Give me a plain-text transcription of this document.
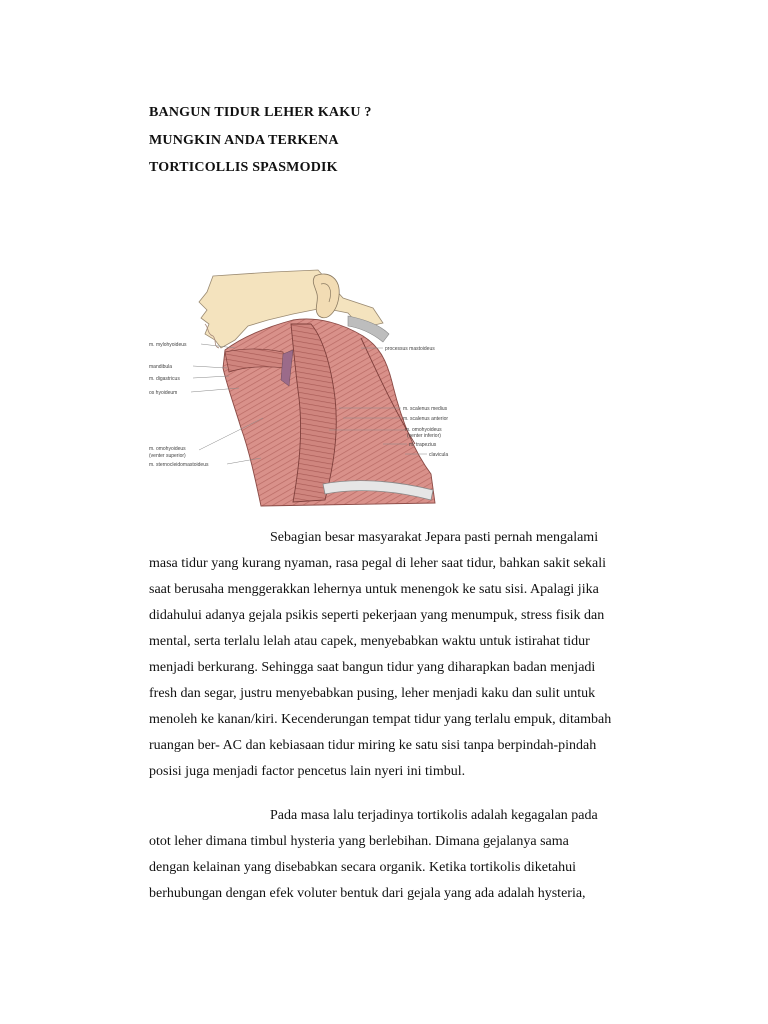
BANGUN TIDUR LEHER KAKU ?
MUNGKIN ANDA TERKENA
TORTICOLLIS SPASMODIK
m. mylohyoideus
mandibula
m. digastricus
os hyoideum
m. omohyoideus
(venter superior)
m. sternocleidomastoideus
processus mastoideus
m. scalenus medius
m. scalenus anterior
m. omohyoideus
(venter inferior)
m. trapezius
clavicula
Sebagian besar masyarakat Jepara pasti pernah mengalami
masa tidur yang kurang nyaman, rasa pegal di leher saat tidur, bahkan sakit sekali
saat berusaha menggerakkan lehernya untuk menengok ke satu sisi. Apalagi jika
didahului adanya gejala psikis seperti pekerjaan yang menumpuk, stress fisik dan
mental, serta terlalu lelah atau capek, menyebabkan waktu untuk istirahat tidur
menjadi berkurang. Sehingga saat bangun tidur yang diharapkan badan menjadi
fresh dan segar, justru menyebabkan pusing, leher menjadi kaku dan sulit untuk
menoleh ke kanan/kiri. Kecenderungan tempat tidur yang terlalu empuk, ditambah
ruangan ber- AC dan kebiasaan tidur miring ke satu sisi tanpa berpindah-pindah
posisi juga menjadi factor pencetus lain nyeri ini timbul.
Pada masa lalu terjadinya tortikolis adalah kegagalan pada
otot leher dimana timbul hysteria yang berlebihan. Dimana gejalanya sama
dengan kelainan yang disebabkan secara organik. Ketika tortikolis diketahui
berhubungan dengan efek voluter bentuk dari gejala yang ada adalah hysteria,
